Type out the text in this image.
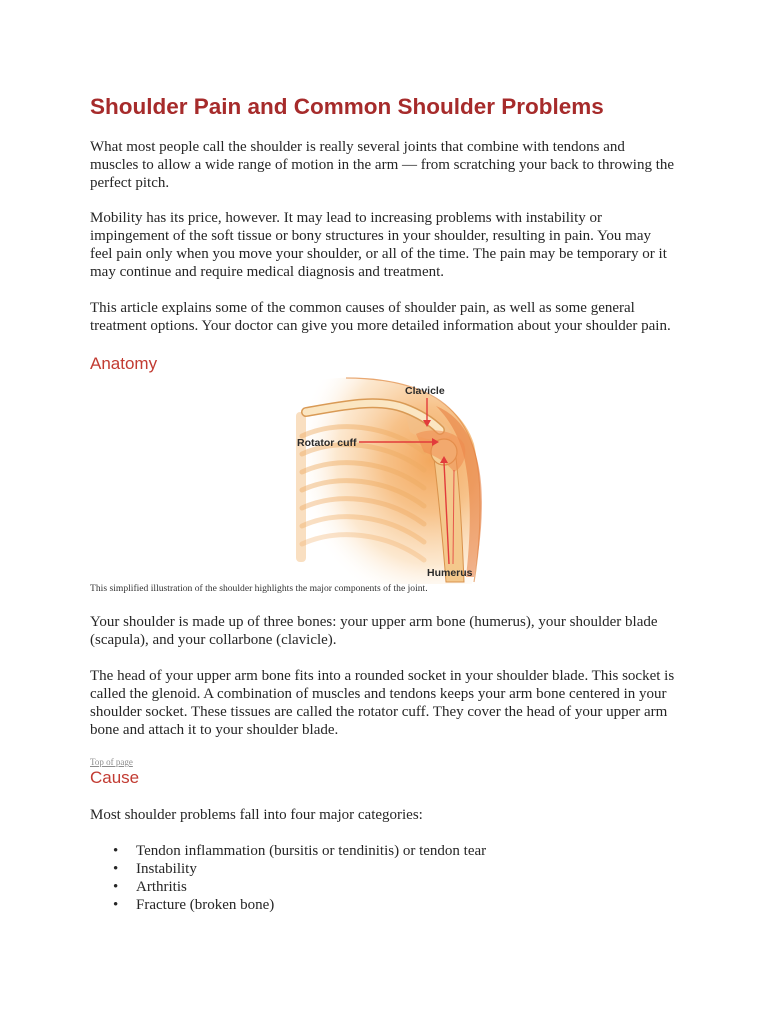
Shoulder Pain and Common Shoulder Problems
What most people call the shoulder is really several joints that combine with tendons and
muscles to allow a wide range of motion in the arm — from scratching your back to throwing the
perfect pitch.
Mobility has its price, however. It may lead to increasing problems with instability or
impingement of the soft tissue or bony structures in your shoulder, resulting in pain. You may
feel pain only when you move your shoulder, or all of the time. The pain may be temporary or it
may continue and require medical diagnosis and treatment.
This article explains some of the common causes of shoulder pain, as well as some general
treatment options. Your doctor can give you more detailed information about your shoulder pain.
Anatomy
Clavicle
Rotator cuff
Humerus
This simplified illustration of the shoulder highlights the major components of the joint.
Your shoulder is made up of three bones: your upper arm bone (humerus), your shoulder blade
(scapula), and your collarbone (clavicle).
The head of your upper arm bone fits into a rounded socket in your shoulder blade. This socket is
called the glenoid. A combination of muscles and tendons keeps your arm bone centered in your
shoulder socket. These tissues are called the rotator cuff. They cover the head of your upper arm
bone and attach it to your shoulder blade.
Top of page
Cause
Most shoulder problems fall into four major categories:
• Tendon inflammation (bursitis or tendinitis) or tendon tear
• Instability
• Arthritis
• Fracture (broken bone)
